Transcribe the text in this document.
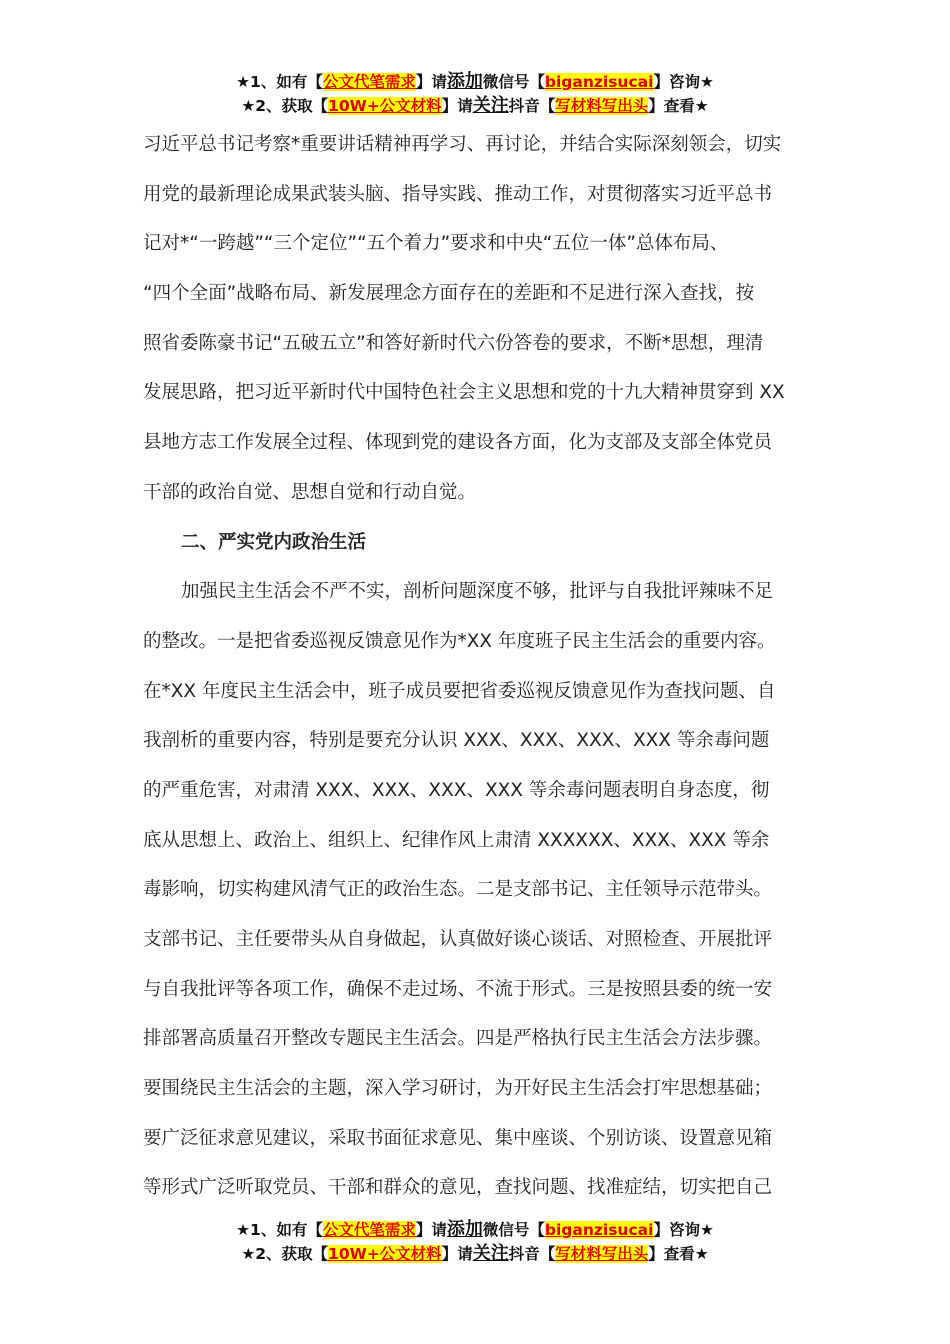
★1、如有【公文代笔需求】请添加微信号【biganzisucai】咨询★
★2、获取【10W+公文材料】请关注抖音【写材料写出头】查看★
习近平总书记考察*重要讲话精神再学习、再讨论，并结合实际深刻领会，切实
用党的最新理论成果武装头脑、指导实践、推动工作，对贯彻落实习近平总书
记对*“一跨越”“三个定位”“五个着力”要求和中央“五位一体”总体布局、
“四个全面”战略布局、新发展理念方面存在的差距和不足进行深入查找，按
照省委陈豪书记“五破五立”和答好新时代六份答卷的要求，不断*思想，理清
发展思路，把习近平新时代中国特色社会主义思想和党的十九大精神贯穿到 XX
县地方志工作发展全过程、体现到党的建设各方面，化为支部及支部全体党员
干部的政治自觉、思想自觉和行动自觉。
二、严实党内政治生活
加强民主生活会不严不实，剖析问题深度不够，批评与自我批评辣味不足
的整改。一是把省委巡视反馈意见作为*XX 年度班子民主生活会的重要内容。
在*XX 年度民主生活会中，班子成员要把省委巡视反馈意见作为查找问题、自
我剖析的重要内容，特别是要充分认识 XXX、XXX、XXX、XXX 等余毒问题
的严重危害，对肃清 XXX、XXX、XXX、XXX 等余毒问题表明自身态度，彻
底从思想上、政治上、组织上、纪律作风上肃清 XXXXXX、XXX、XXX 等余
毒影响，切实构建风清气正的政治生态。二是支部书记、主任领导示范带头。
支部书记、主任要带头从自身做起，认真做好谈心谈话、对照检查、开展批评
与自我批评等各项工作，确保不走过场、不流于形式。三是按照县委的统一安
排部署高质量召开整改专题民主生活会。四是严格执行民主生活会方法步骤。
要围绕民主生活会的主题，深入学习研讨，为开好民主生活会打牢思想基础；
要广泛征求意见建议，采取书面征求意见、集中座谈、个别访谈、设置意见箱
等形式广泛听取党员、干部和群众的意见，查找问题、找准症结，切实把自己
★1、如有【公文代笔需求】请添加微信号【biganzisucai】咨询★
★2、获取【10W+公文材料】请关注抖音【写材料写出头】查看★
